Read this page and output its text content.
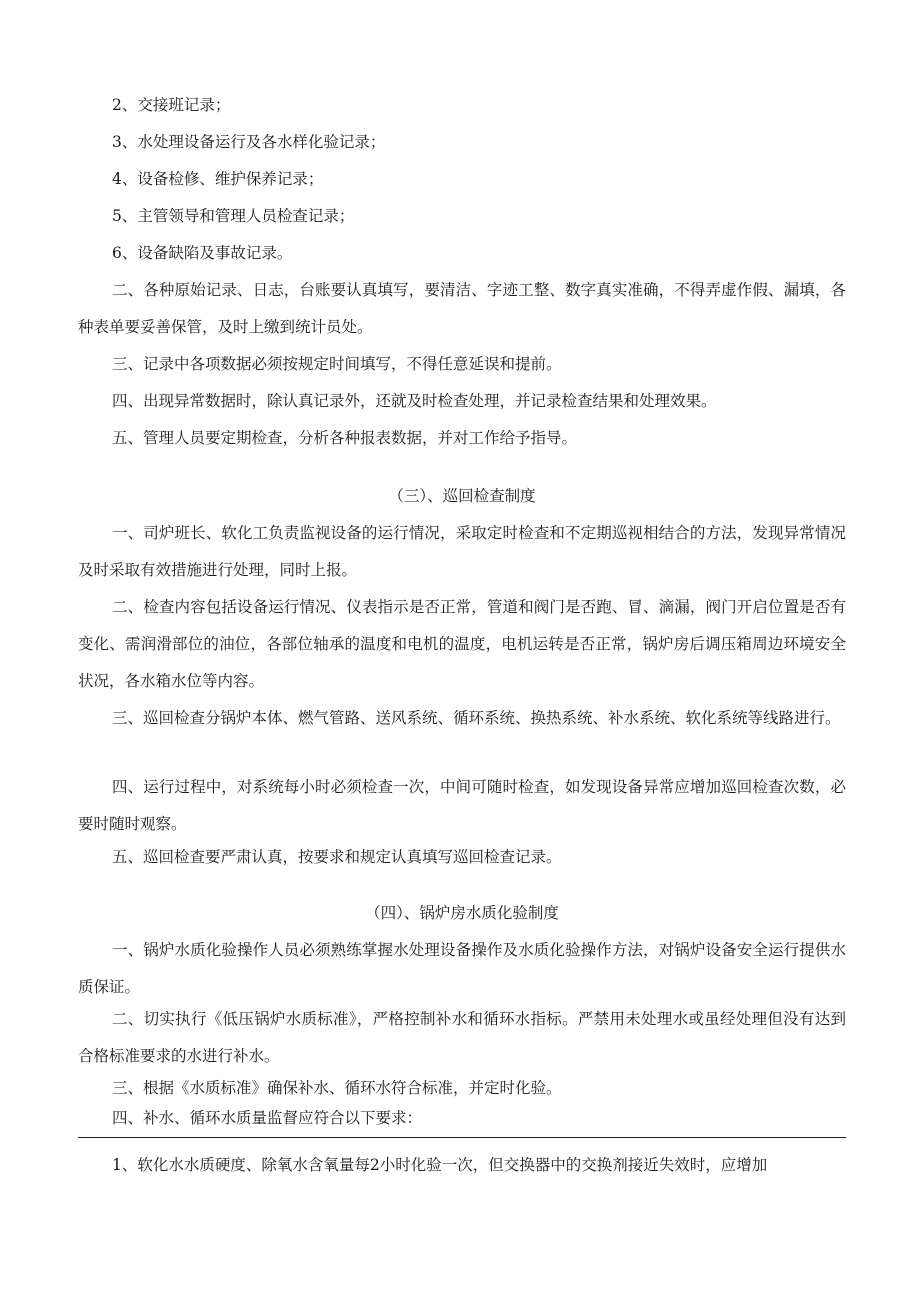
2、交接班记录；

3、水处理设备运行及各水样化验记录；

4、设备检修、维护保养记录；

5、主管领导和管理人员检查记录；

6、设备缺陷及事故记录。

二、各种原始记录、日志，台账要认真填写，要清洁、字迹工整、数字真实准确，不得弄虚作假、漏填，各种表单要妥善保管，及时上缴到统计员处。

三、记录中各项数据必须按规定时间填写，不得任意延误和提前。

四、出现异常数据时，除认真记录外，还就及时检查处理，并记录检查结果和处理效果。

五、管理人员要定期检查，分析各种报表数据，并对工作给予指导。

（三）、巡回检查制度

一、司炉班长、软化工负责监视设备的运行情况，采取定时检查和不定期巡视相结合的方法，发现异常情况及时采取有效措施进行处理，同时上报。

二、检查内容包括设备运行情况、仪表指示是否正常，管道和阀门是否跑、冒、滴漏，阀门开启位置是否有变化、需润滑部位的油位，各部位轴承的温度和电机的温度，电机运转是否正常，锅炉房后调压箱周边环境安全状况，各水箱水位等内容。

三、巡回检查分锅炉本体、燃气管路、送风系统、循环系统、换热系统、补水系统、软化系统等线路进行。

四、运行过程中，对系统每小时必须检查一次，中间可随时检查，如发现设备异常应增加巡回检查次数，必要时随时观察。

五、巡回检查要严肃认真，按要求和规定认真填写巡回检查记录。

（四）、锅炉房水质化验制度

一、锅炉水质化验操作人员必须熟练掌握水处理设备操作及水质化验操作方法，对锅炉设备安全运行提供水质保证。

二、切实执行《低压锅炉水质标准》，严格控制补水和循环水指标。严禁用未处理水或虽经处理但没有达到合格标准要求的水进行补水。

三、根据《水质标准》确保补水、循环水符合标准，并定时化验。

四、补水、循环水质量监督应符合以下要求：

1、软化水水质硬度、除氧水含氧量每2小时化验一次，但交换器中的交换剂接近失效时，应增加
